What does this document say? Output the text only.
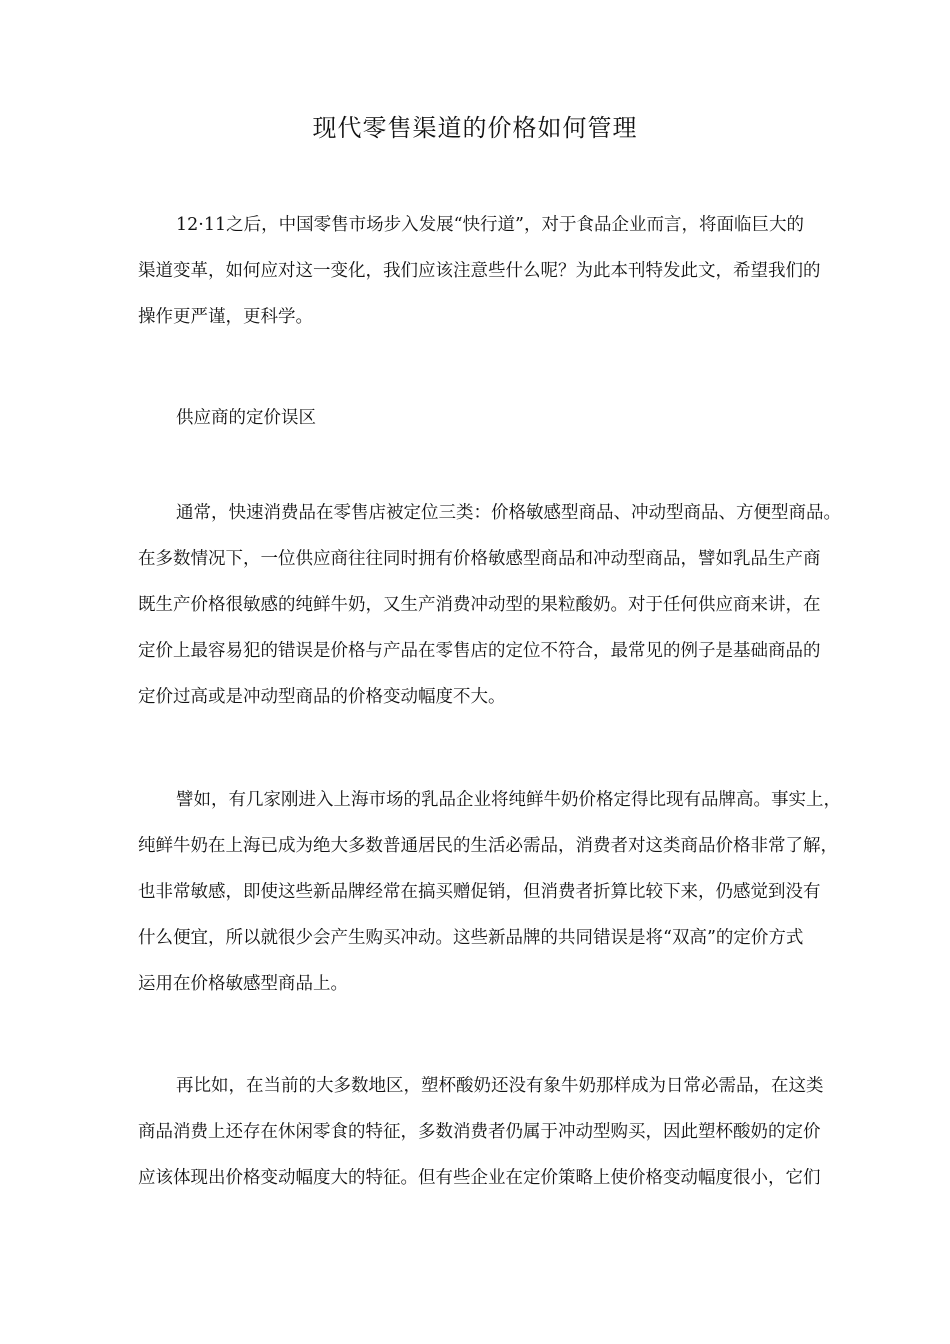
现代零售渠道的价格如何管理

12·11之后，中国零售市场步入发展“快行道”，对于食品企业而言，将面临巨大的
渠道变革，如何应对这一变化，我们应该注意些什么呢？为此本刊特发此文，希望我们的
操作更严谨，更科学。

供应商的定价误区

通常，快速消费品在零售店被定位三类：价格敏感型商品、冲动型商品、方便型商品。
在多数情况下，一位供应商往往同时拥有价格敏感型商品和冲动型商品，譬如乳品生产商
既生产价格很敏感的纯鲜牛奶，又生产消费冲动型的果粒酸奶。对于任何供应商来讲，在
定价上最容易犯的错误是价格与产品在零售店的定位不符合，最常见的例子是基础商品的
定价过高或是冲动型商品的价格变动幅度不大。

譬如，有几家刚进入上海市场的乳品企业将纯鲜牛奶价格定得比现有品牌高。事实上，
纯鲜牛奶在上海已成为绝大多数普通居民的生活必需品，消费者对这类商品价格非常了解，
也非常敏感，即使这些新品牌经常在搞买赠促销，但消费者折算比较下来，仍感觉到没有
什么便宜，所以就很少会产生购买冲动。这些新品牌的共同错误是将“双高”的定价方式
运用在价格敏感型商品上。

再比如，在当前的大多数地区，塑杯酸奶还没有象牛奶那样成为日常必需品，在这类
商品消费上还存在休闲零食的特征，多数消费者仍属于冲动型购买，因此塑杯酸奶的定价
应该体现出价格变动幅度大的特征。但有些企业在定价策略上使价格变动幅度很小，它们
